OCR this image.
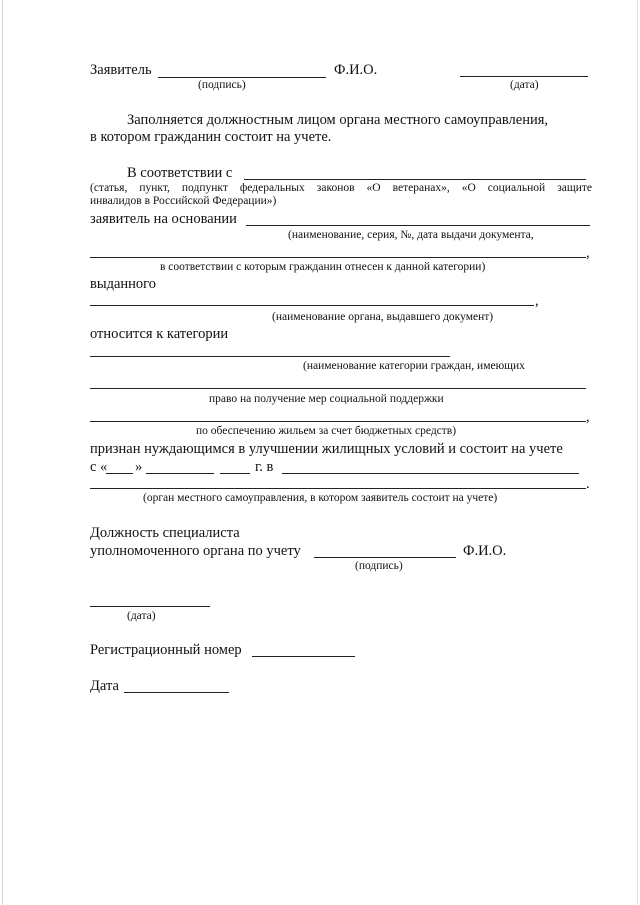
Заявитель	Ф.И.О.
(подпись)	(дата)
Заполняется должностным лицом органа местного самоуправления,
в котором гражданин состоит на учете.
В соответствии с
(статья, пункт, подпункт федеральных законов «О ветеранах», «О социальной защите
инвалидов в Российской Федерации»)
заявитель на основании
(наименование, серия, №, дата выдачи документа,
,
в соответствии с которым гражданин отнесен к данной категории)
выданного
,
(наименование органа, выдавшего документ)
относится к категории
(наименование категории граждан, имеющих
право на получение мер социальной поддержки
,
по обеспечению жильем за счет бюджетных средств)
признан нуждающимся в улучшении жилищных условий и состоит на учете
с « »	г. в
.
(орган местного самоуправления, в котором заявитель состоит на учете)
Должность специалиста
уполномоченного органа по учету	Ф.И.О.
(подпись)
(дата)
Регистрационный номер
Дата
